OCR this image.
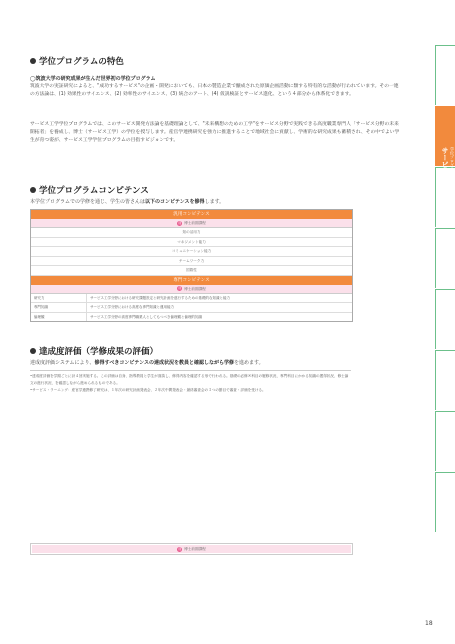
学位プログラムの特色
◯筑波大学の研究成果が生んだ世界初の学位プログラム
筑波大学の実証研究によると、"成功するサービス"の企画・開発においても、日本の製造企業で醸成された原価企画活動に類する特有的な活動が行われています。その一連の方法論は、(1) 効果性のサイエンス、(2) 効率性のサイエンス、(3) 統合のアート、(4) 仮説検証とサービス進化、という４部分から体系化できます。
サービス工学学位プログラムでは、このサービス開発方法論を基礎理論として、"未来構想のための工学"をサービス分野で実践できる高度職業専門人「サービス分野の未来開拓者」を養成し、博士（サービス工学）の学位を授与します。産官学連携研究を強力に推進することで地域社会に貢献し、学術的な研究成果も蓄積され、その中でよい学生が育つ姿が、サービス工学学位プログラムの目指すビジョンです。
学位プログラムコンピテンス
本学位プログラムでの学修を通じ、学生の皆さんは以下のコンピテンスを修得します。
汎用コンピテンス
前 博士前期課程
知の活用力
マネジメント能力
コミュニケーション能力
チームワーク力
国際性
専門コンピテンス
前 博士前期課程
研究力	サービス工学分野における研究課題設定と研究計画を遂行するための基礎的な知識と能力
専門知識	サービス工学分野における高度な専門知識と運用能力
倫理観	サービス工学分野の高度専門職業人としてもつべき倫理観と倫理的知識
達成度評価（学修成果の評価）
達成度評価システムにより、修得すべきコンピテンスの達成状況を教員と確認しながら学修を進めます。
•達成度評価を学期ごとに計４回実施する。この評価は自身、指導教員と学生が面談し、修得内容を確認する形で行われる。基礎の必修８科目の履修状況、専門科目にかかる知識の獲得状況、修士論文の進行状況、を確認しながら進められるものである。
•サービス・ラーニング：産官学連携修了研究は、１年次の研究計画発表会、２年次中間発表会・最終審査会の３つの節目で審査・評価を受ける。
前 博士前期課程
サービス工学 学位プログラム
18
